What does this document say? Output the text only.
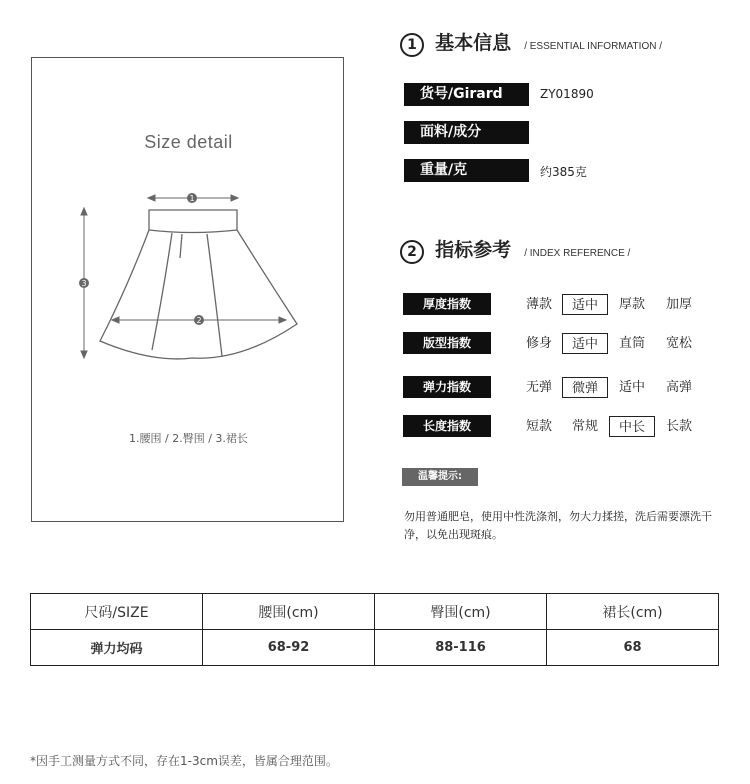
Size detail
1
2
3
1.腰围 / 2.臀围 / 3.裙长
1 基本信息 / ESSENTIAL INFORMATION /
货号/Girard	ZY01890
面料/成分
重量/克	约385克
2 指标参考 / INDEX REFERENCE /
厚度指数	薄款	适中	厚款	加厚
版型指数	修身	适中	直筒	宽松
弹力指数	无弹	微弹	适中	高弹
长度指数	短款	常规	中长	长款
温馨提示:
勿用普通肥皂，使用中性洗涤剂，勿大力揉搓，洗后需要漂洗干净，以免出现斑痕。
尺码/SIZE	腰围(cm)	臀围(cm)	裙长(cm)
弹力均码	68-92	88-116	68
*因手工测量方式不同，存在1-3cm误差，皆属合理范围。
